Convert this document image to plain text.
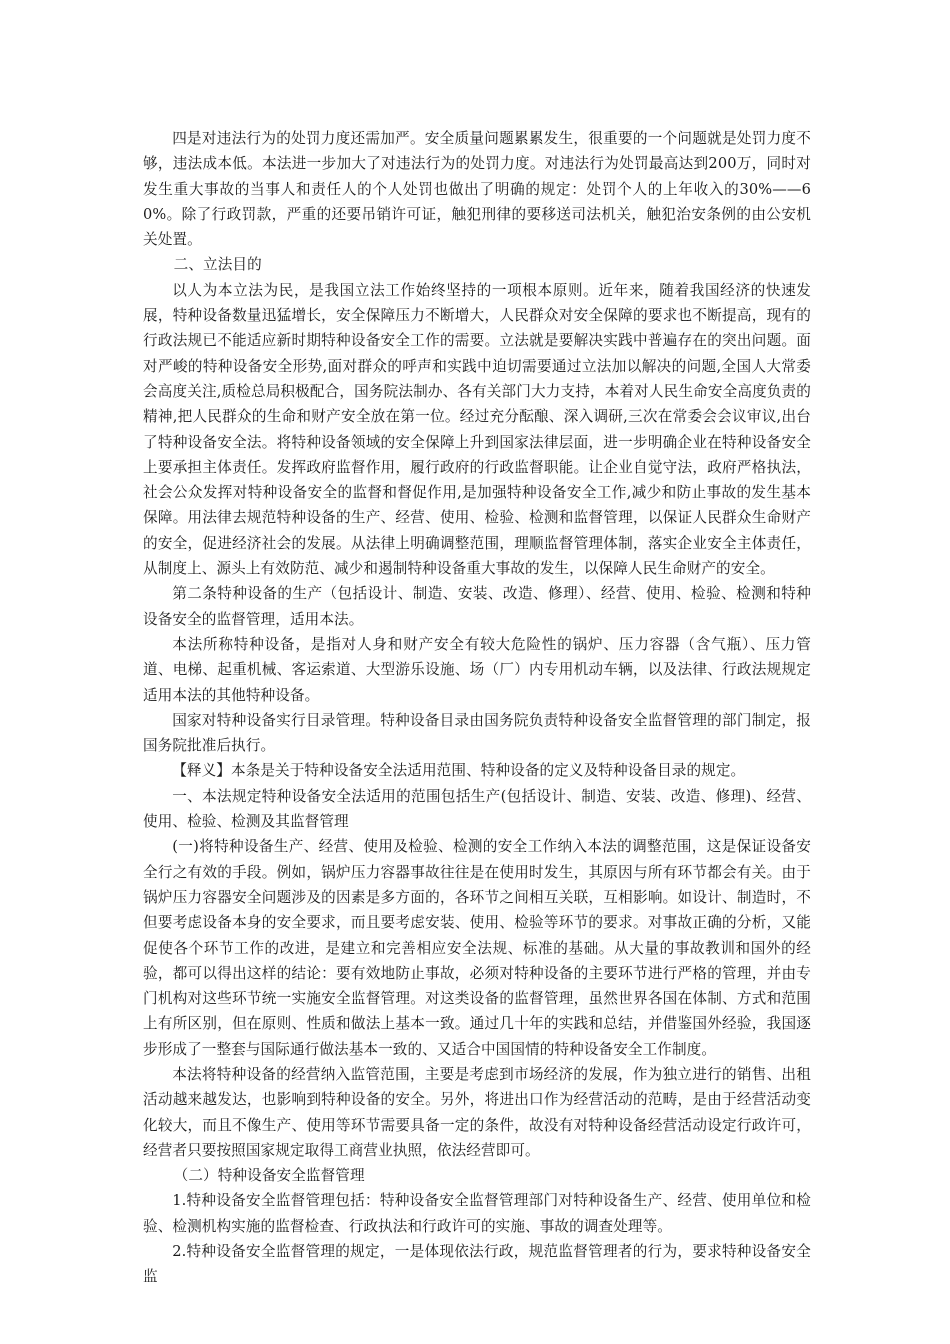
四是对违法行为的处罚力度还需加严。安全质量问题累累发生，很重要的一个问题就是处罚力度不够，违法成本低。本法进一步加大了对违法行为的处罚力度。对违法行为处罚最高达到200万，同时对发生重大事故的当事人和责任人的个人处罚也做出了明确的规定：处罚个人的上年收入的30%——60%。除了行政罚款，严重的还要吊销许可证，触犯刑律的要移送司法机关，触犯治安条例的由公安机关处置。

二、立法目的

以人为本立法为民，是我国立法工作始终坚持的一项根本原则。近年来，随着我国经济的快速发展，特种设备数量迅猛增长，安全保障压力不断增大，人民群众对安全保障的要求也不断提高，现有的行政法规已不能适应新时期特种设备安全工作的需要。立法就是要解决实践中普遍存在的突出问题。面对严峻的特种设备安全形势,面对群众的呼声和实践中迫切需要通过立法加以解决的问题,全国人大常委会高度关注,质检总局积极配合，国务院法制办、各有关部门大力支持，本着对人民生命安全高度负责的精神,把人民群众的生命和财产安全放在第一位。经过充分酝酿、深入调研,三次在常委会会议审议,出台了特种设备安全法。将特种设备领域的安全保障上升到国家法律层面，进一步明确企业在特种设备安全上要承担主体责任。发挥政府监督作用，履行政府的行政监督职能。让企业自觉守法，政府严格执法，社会公众发挥对特种设备安全的监督和督促作用,是加强特种设备安全工作,减少和防止事故的发生基本保障。用法律去规范特种设备的生产、经营、使用、检验、检测和监督管理，以保证人民群众生命财产的安全，促进经济社会的发展。从法律上明确调整范围，理顺监督管理体制，落实企业安全主体责任，从制度上、源头上有效防范、减少和遏制特种设备重大事故的发生，以保障人民生命财产的安全。

第二条特种设备的生产（包括设计、制造、安装、改造、修理）、经营、使用、检验、检测和特种设备安全的监督管理，适用本法。

本法所称特种设备，是指对人身和财产安全有较大危险性的锅炉、压力容器（含气瓶）、压力管道、电梯、起重机械、客运索道、大型游乐设施、场（厂）内专用机动车辆，以及法律、行政法规规定适用本法的其他特种设备。

国家对特种设备实行目录管理。特种设备目录由国务院负责特种设备安全监督管理的部门制定，报国务院批准后执行。

【释义】本条是关于特种设备安全法适用范围、特种设备的定义及特种设备目录的规定。

一、本法规定特种设备安全法适用的范围包括生产(包括设计、制造、安装、改造、修理)、经营、使用、检验、检测及其监督管理

(一)将特种设备生产、经营、使用及检验、检测的安全工作纳入本法的调整范围，这是保证设备安全行之有效的手段。例如，锅炉压力容器事故往往是在使用时发生，其原因与所有环节都会有关。由于锅炉压力容器安全问题涉及的因素是多方面的，各环节之间相互关联，互相影响。如设计、制造时，不但要考虑设备本身的安全要求，而且要考虑安装、使用、检验等环节的要求。对事故正确的分析，又能促使各个环节工作的改进，是建立和完善相应安全法规、标准的基础。从大量的事故教训和国外的经验，都可以得出这样的结论：要有效地防止事故，必须对特种设备的主要环节进行严格的管理，并由专门机构对这些环节统一实施安全监督管理。对这类设备的监督管理，虽然世界各国在体制、方式和范围上有所区别，但在原则、性质和做法上基本一致。通过几十年的实践和总结，并借鉴国外经验，我国逐步形成了一整套与国际通行做法基本一致的、又适合中国国情的特种设备安全工作制度。

本法将特种设备的经营纳入监管范围，主要是考虑到市场经济的发展，作为独立进行的销售、出租活动越来越发达，也影响到特种设备的安全。另外，将进出口作为经营活动的范畴，是由于经营活动变化较大，而且不像生产、使用等环节需要具备一定的条件，故没有对特种设备经营活动设定行政许可，经营者只要按照国家规定取得工商营业执照，依法经营即可。

（二）特种设备安全监督管理

1.特种设备安全监督管理包括：特种设备安全监督管理部门对特种设备生产、经营、使用单位和检验、检测机构实施的监督检查、行政执法和行政许可的实施、事故的调查处理等。

2.特种设备安全监督管理的规定，一是体现依法行政，规范监督管理者的行为，要求特种设备安全监
